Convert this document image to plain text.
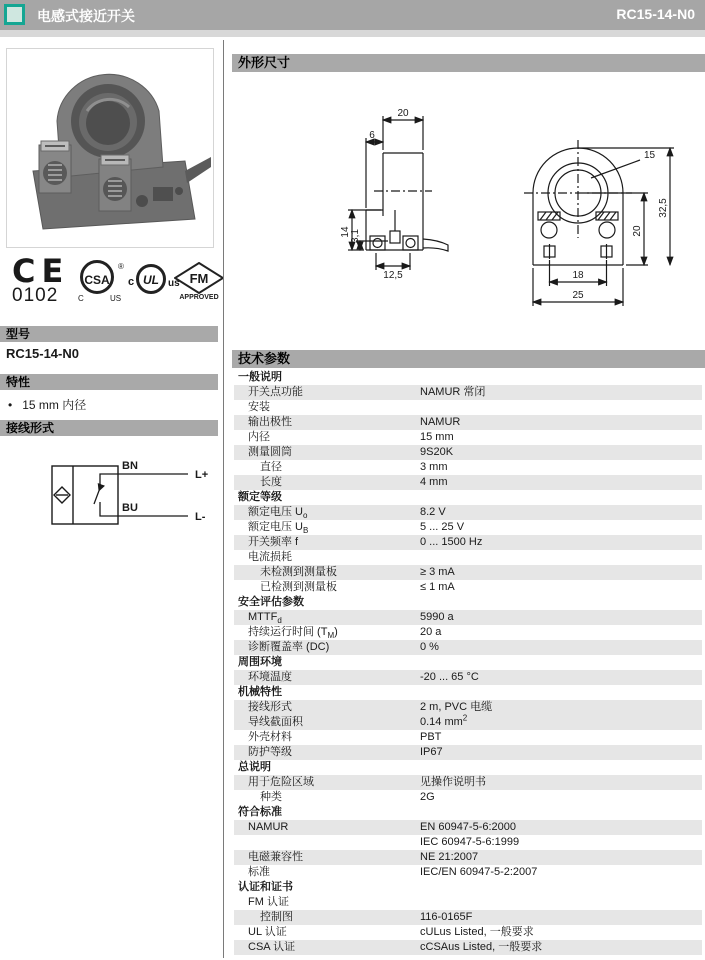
电感式接近开关	RC15-14-N0
CE
0102
CSA
®
C	US
c UL us FM
APPROVED
型号
RC15-14-N0
特性
• 15 mm 内径
接线形式
BN
BU
L+
L-
外形尺寸
20
6
14 3,1
12,5
15
20
32,5
18
25
技术参数
一般说明
开关点功能	NAMUR 常闭
安装
输出极性	NAMUR
内径	15 mm
测量圆筒	9S20K
直径	3 mm
长度	4 mm
额定等级
额定电压 $U_o$	8.2 V
额定电压 $U_B$	5 ... 25 V
开关频率 f	0 ... 1500 Hz
电流损耗
未检测到测量板	≥ 3 mA
已检测到测量板	≤ 1 mA
安全评估参数
$MTTF_d$	5990 a
持续运行时间 $(T_M)$	20 a
诊断覆盖率 (DC)	0 %
周围环境
环境温度	-20 ... 65 °C
机械特性
接线形式	2 m, PVC 电缆
导线截面积	0.14 $mm^2$
外壳材料	PBT
防护等级	IP67
总说明
用于危险区域	见操作说明书
种类	2G
符合标准
NAMUR	EN 60947-5-6:2000
IEC 60947-5-6:1999
电磁兼容性	NE 21:2007
标准	IEC/EN 60947-5-2:2007
认证和证书
FM 认证
控制图	116-0165F
UL 认证	cULus Listed, 一般要求
CSA 认证	cCSAus Listed, 一般要求
